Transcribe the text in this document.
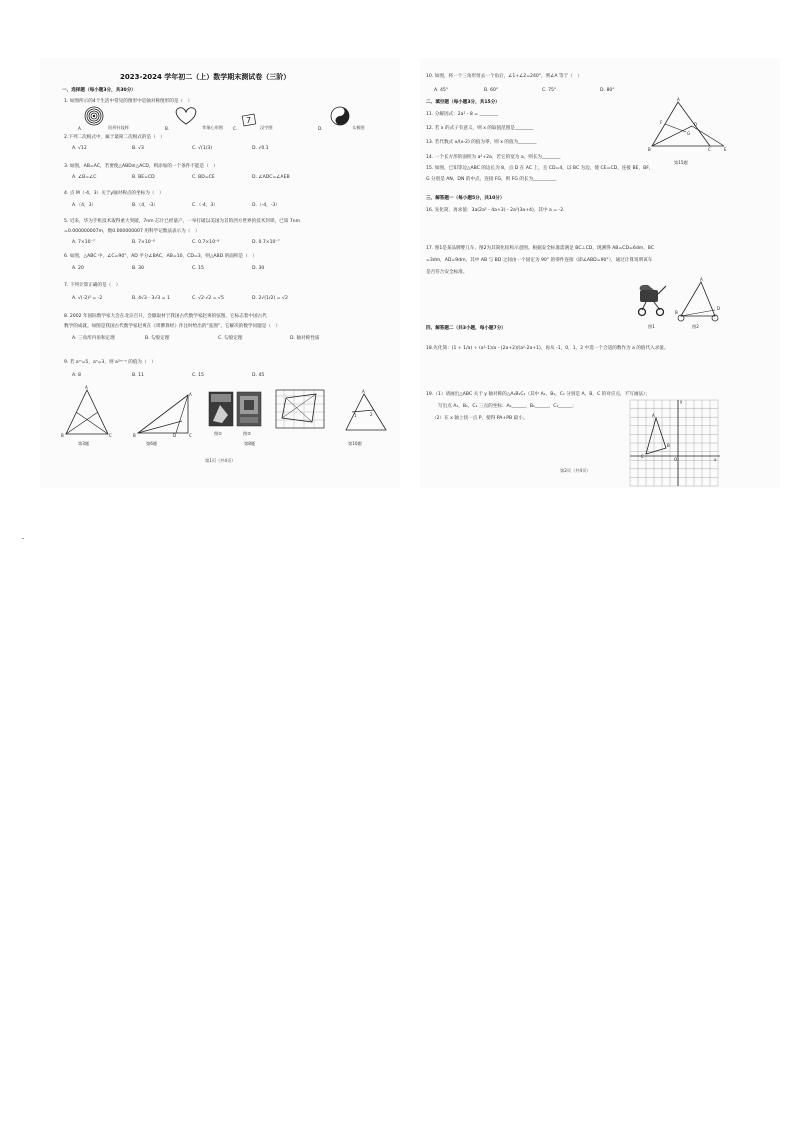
2023-2024 学年初二（上）数学期末测试卷（三阶）
一、选择题（每小题3分，共30分）
1. 如图所示的4个生活中常见的图形中是轴对称图形的是（　）
A.	回形针纹样	B.	苹果心形图
7
C.	汉字图	D.	太极图
2.下列二次根式中，属于最简二次根式的是（　）
A. √12	B. √3	C. √(1/3)	D. √0.1
3. 如图，AB=AC，若要使△ABD≌△ACD，则添加的一个条件不能是（　）
A. ∠B=∠C	B. BE=CD	C. BD=CE	D. ∠ADC=∠AEB
4. 点 M（-4，3）关于y轴对称点的坐标为（　）
A.（4，3）	B.（4，-3）	C.（-4，3）	D.（-4，-3）
5. 近来，华为手机技术取得重大突破，7nm 芯片已经量产，一举打破以美国为首的西方世界的技术封锁，已知 7nm
=0.000000007m，数0.000000007 用科学记数法表示为（　）
A. 7×10⁻⁷	B. 7×10⁻⁸	C. 0.7×10⁻⁸	D. 0.7×10⁻⁷
6. 如图，△ABC 中，∠C=90°，AD 平分∠BAC，AB=10，CD=3，则△ABD 的面积是（　）
A. 20	B. 30	C. 15	D. 30
7. 下列计算正确的是（　）
A. √(-2)² = -2	B. 4√3 - 3√3 = 1	C. √2·√2 = √5	D. 2√(1/2) = √2
8. 2002 年国际数学家大会在北京召开，会徽取材于我国古代数学家赵爽的弦图，它标志着中国古代
数学的成就。如图是我国古代数学家赵爽在《周髀算经》作注时给出的“弦图”，它解决的数学问题是（　）
A. 三角形内角和定理	B. 勾股定理	C. 勾股定理	D. 轴对称性质
9. 若 aᵐ=5，aⁿ=3，则 a²ᵐ⁻ⁿ 的值为（　）
A. 8	B. 11	C. 15	D. 45
A
B	C
A
B	D	C	图①	图②
1	2
A
第3题	第6题	第8题	第10题
第1页（共4页）
10. 如图，将一个三角形剪去一个角后，∠1+∠2=240°，则∠A 等于（　）
A. 45°	B. 60°	C. 75°	D. 80°
二、填空题（每小题3分，共15分）
11. 分解因式：2a² - 8 = ________
12. 若 x 的式子有意义，则 x 的取值范围是________
13. 若代数式 x/(x-2) 的值为零，则 x 的值为________
14. 一个长方形的面积为 a²+2a，若它的宽为 a，则长为________
15. 如图，已知等边△ABC 的边长为 8，点 D 在 AC 上，且 CD=4，以 BC 为边，使 CE=CD，连接 BE，BF，
G 分别是 AN，DN 的中点，连接 FG，则 FG 的长为__________
A
B	C	E
D
F
G
第15题
三、解答题一（每小题5分，共10分）
16. 先化简，再求值：3a(2a² - 4a+3) - 2a²(3a+4)，其中 a = -2.
17. 图1是某品牌婴儿车，图2为其简化结构示意图。根据安全标准需满足 BC⊥CD，现测得 AB=CD=6dm，BC
=3dm，AD=9dm，其中 AB 与 BD 之间由一个固定为 90° 的零件连接（即∠ABD=90°），通过计算说明该车
是否符合安全标准。
A
B
D
图1	图2
四、解答题二（共3小题，每小题7分）
18.先化简：(1 + 1/a) ÷ (a²-1)/a - (2a+2)/(a²-2a+1)，再从 -1，0，1，2 中选一个合适的数作为 a 的值代入求值。
19.（1）请画出△ABC 关于 y 轴对称的△A₁B₁C₁（其中 A₁，B₁，C₁ 分别是 A，B，C 的对应点，不写画法）；
写出点 A₁，B₁，C₁ 三点的坐标：A₁______，B₁______，C₁______；
（2）在 x 轴上找一点 P，使得 PA+PB 最小。
x
y
A
B
C
O
第2页（共4页）
